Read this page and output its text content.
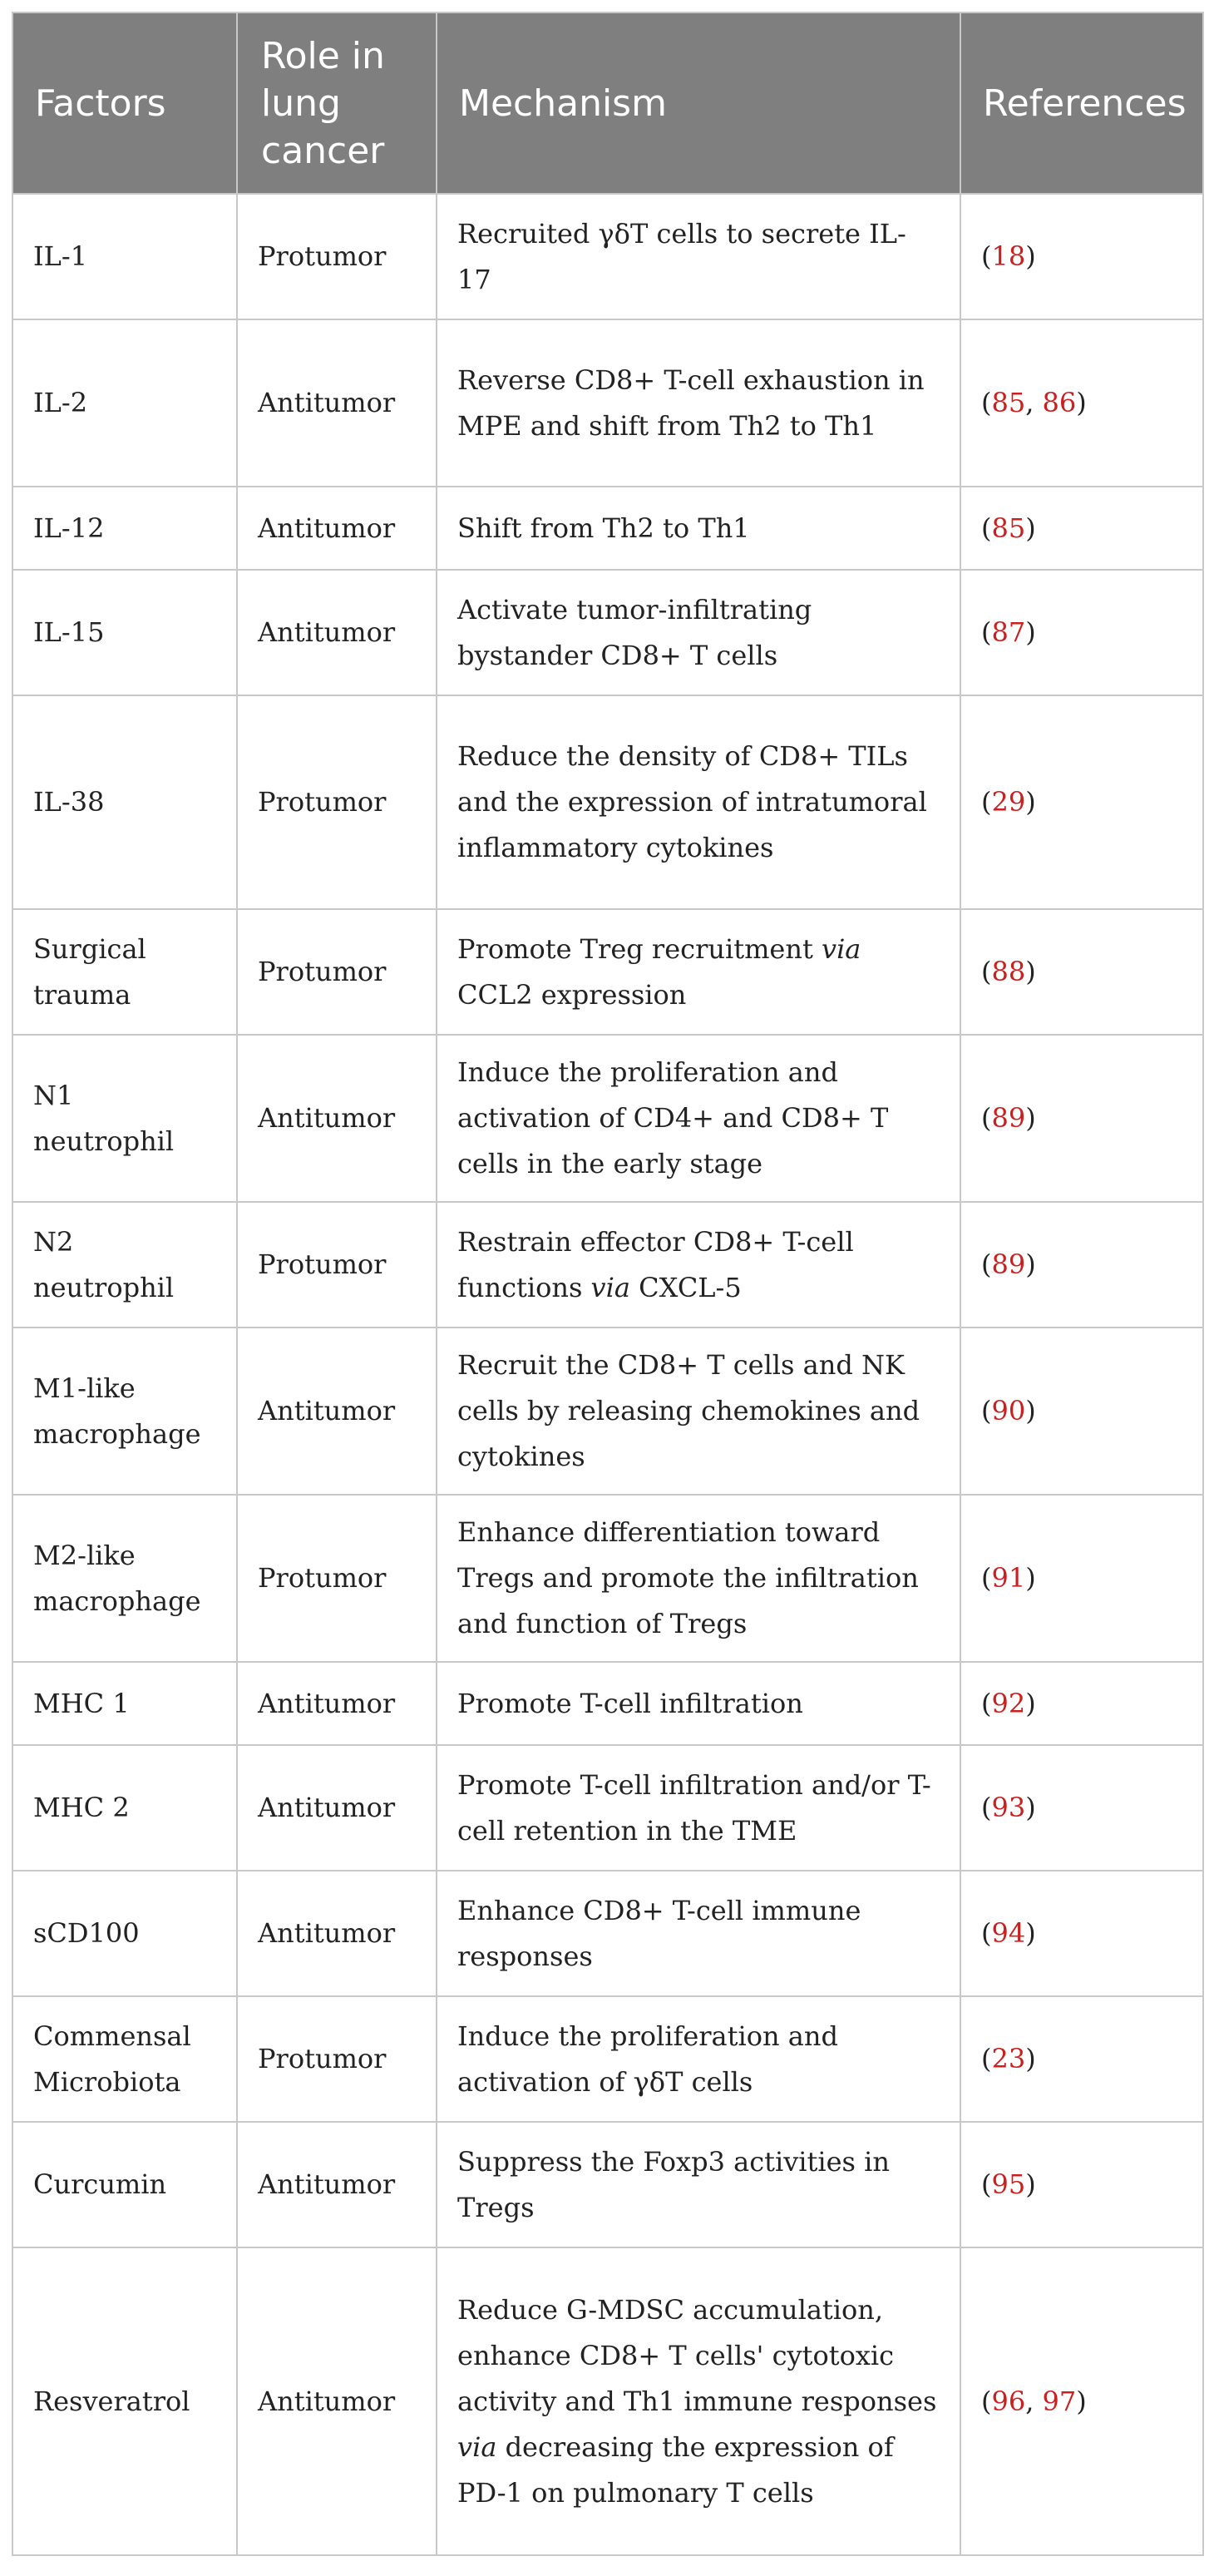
Factors	Role in lung cancer	Mechanism	References
IL-1	Protumor	Recruited γδT cells to secrete IL-17	(18)
IL-2	Antitumor	Reverse CD8+ T-cell exhaustion in MPE and shift from Th2 to Th1	(85, 86)
IL-12	Antitumor	Shift from Th2 to Th1	(85)
IL-15	Antitumor	Activate tumor-infiltrating bystander CD8+ T cells	(87)
IL-38	Protumor	Reduce the density of CD8+ TILs and the expression of intratumoral inflammatory cytokines	(29)
Surgical trauma	Protumor	Promote Treg recruitment via CCL2 expression	(88)
N1 neutrophil	Antitumor	Induce the proliferation and activation of CD4+ and CD8+ T cells in the early stage	(89)
N2 neutrophil	Protumor	Restrain effector CD8+ T-cell functions via CXCL-5	(89)
M1-like macrophage	Antitumor	Recruit the CD8+ T cells and NK cells by releasing chemokines and cytokines	(90)
M2-like macrophage	Protumor	Enhance differentiation toward Tregs and promote the infiltration and function of Tregs	(91)
MHC 1	Antitumor	Promote T-cell infiltration	(92)
MHC 2	Antitumor	Promote T-cell infiltration and/or T-cell retention in the TME	(93)
sCD100	Antitumor	Enhance CD8+ T-cell immune responses	(94)
Commensal Microbiota	Protumor	Induce the proliferation and activation of γδT cells	(23)
Curcumin	Antitumor	Suppress the Foxp3 activities in Tregs	(95)
Resveratrol	Antitumor	Reduce G-MDSC accumulation, enhance CD8+ T cells' cytotoxic activity and Th1 immune responses via decreasing the expression of PD-1 on pulmonary T cells	(96, 97)
